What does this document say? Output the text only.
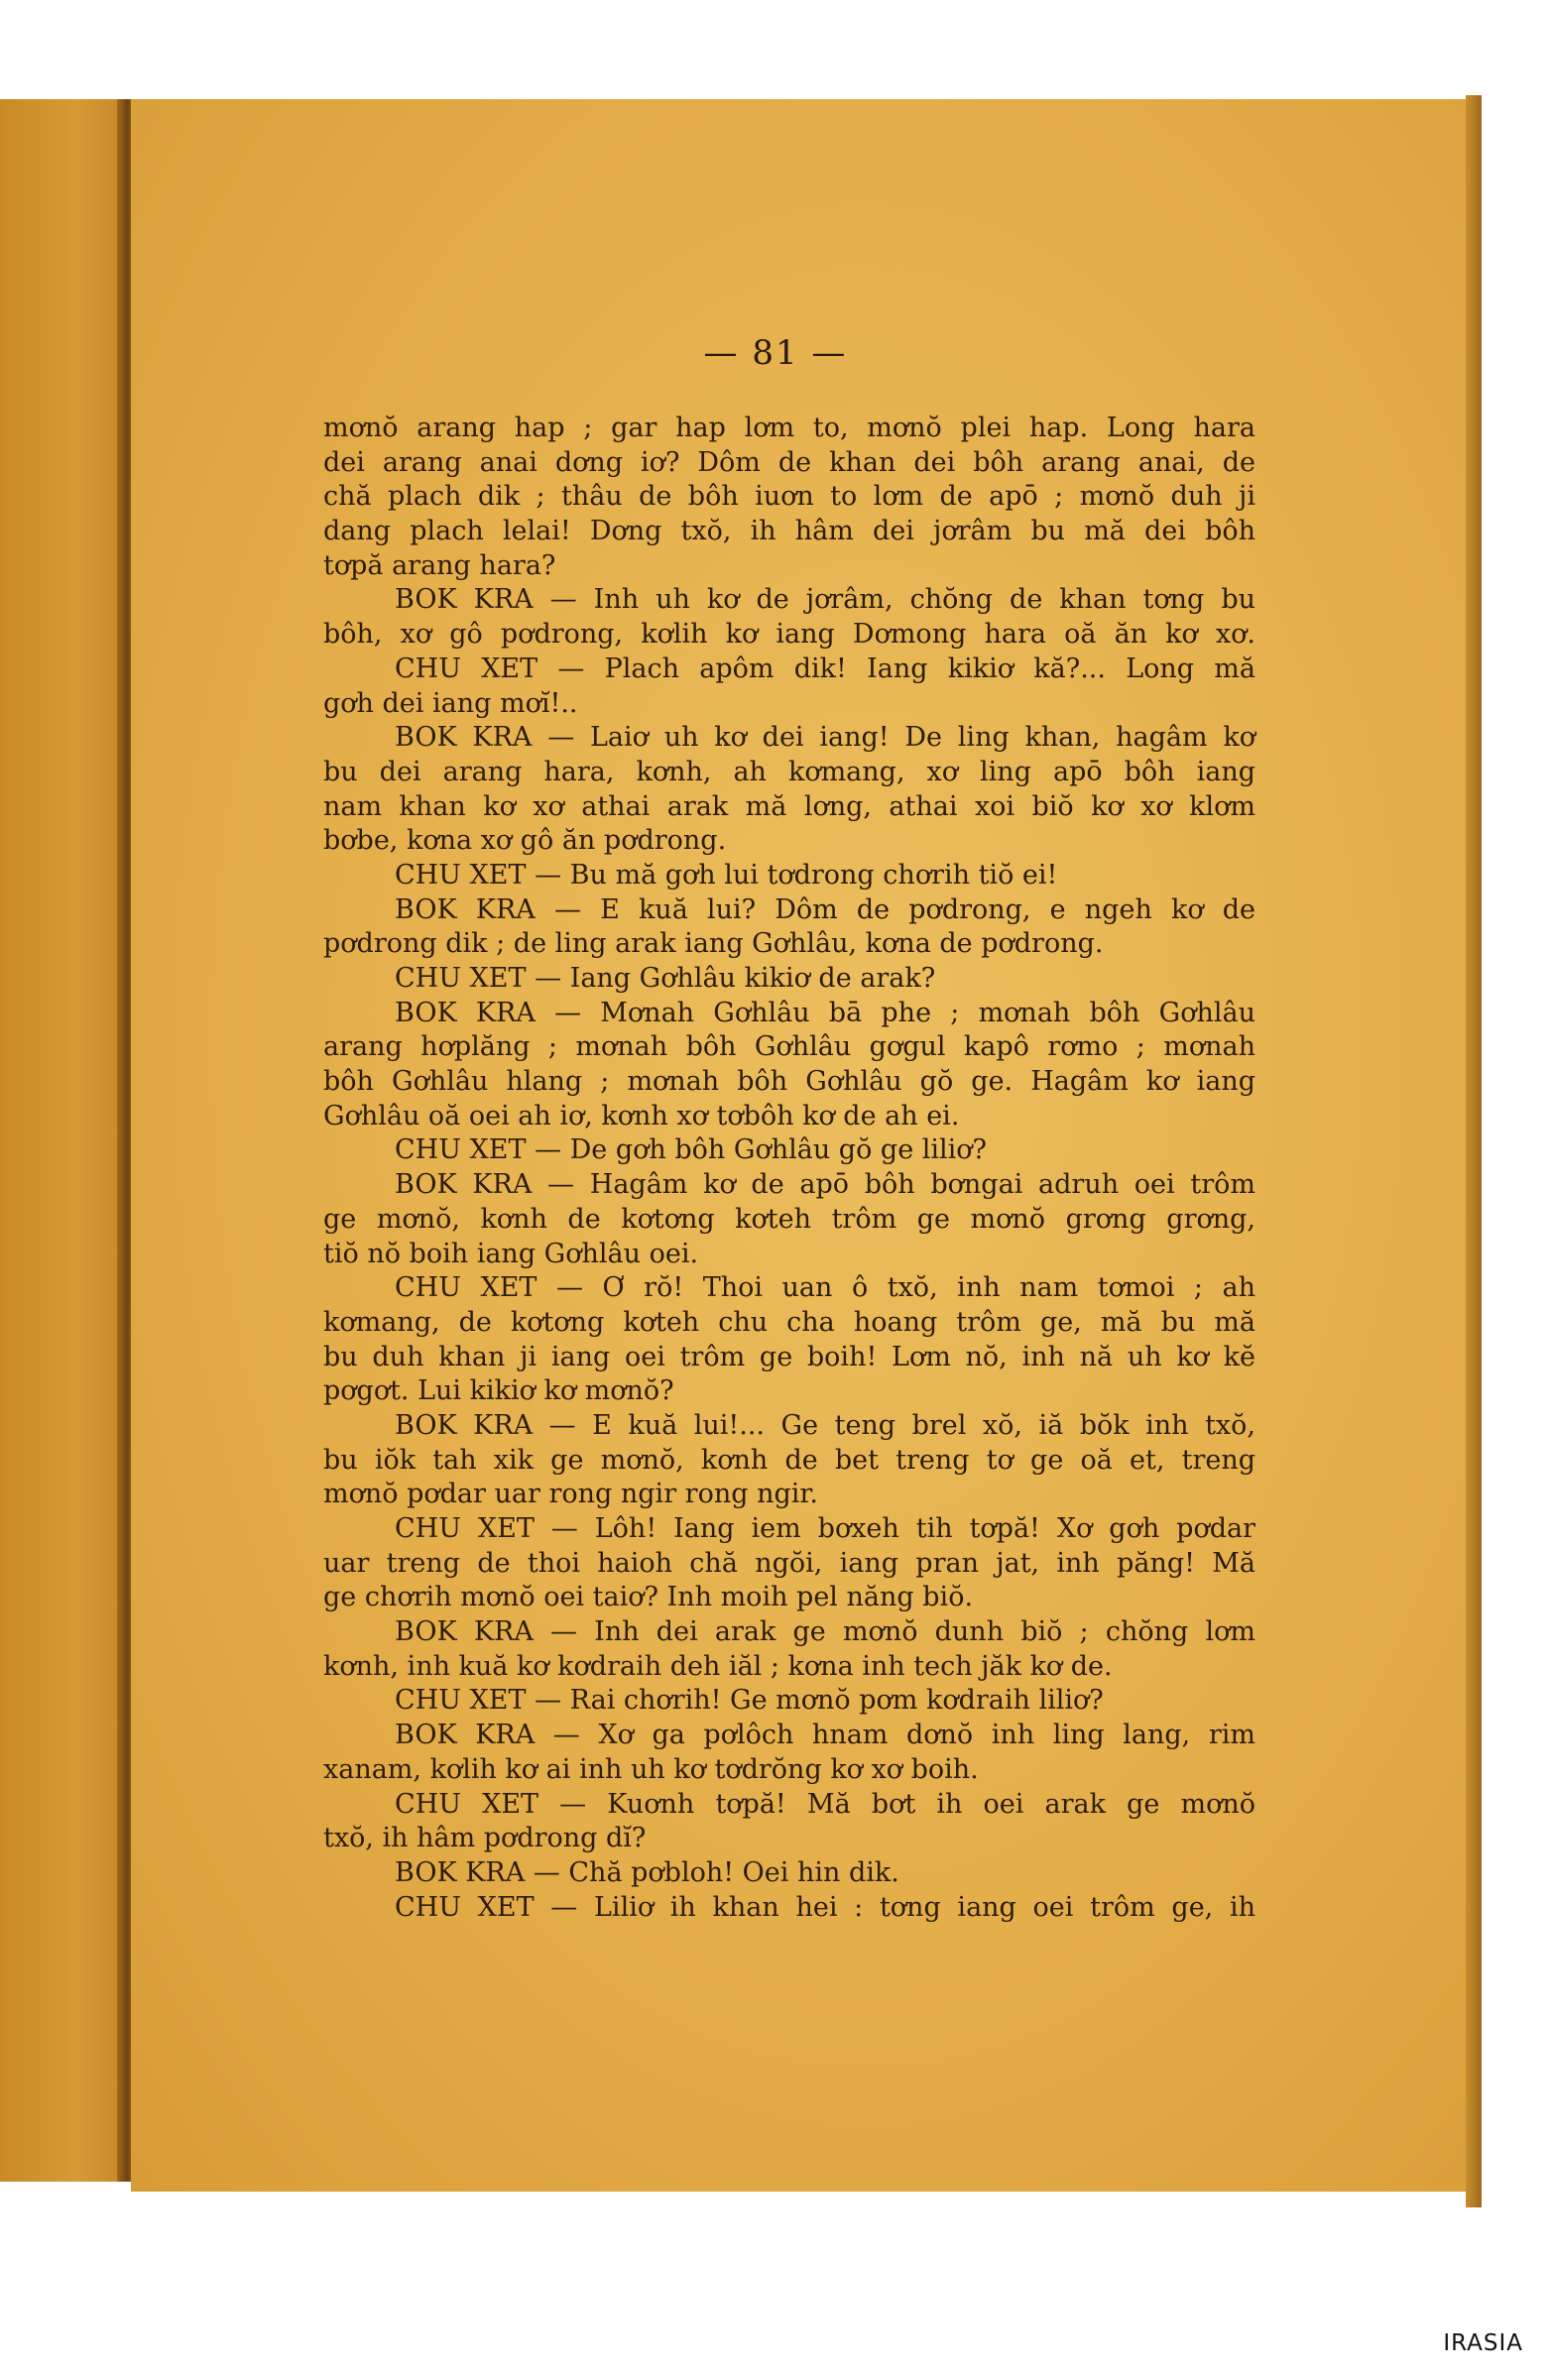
— 81 —
mơnŏ arang hap ; gar hap lơm to, mơnŏ plei hap. Long hara
dei arang anai dơng iơ? Dôm de khan dei bôh arang anai, de
chă plach dik ; thâu de bôh iuơn to lơm de apō ; mơnŏ duh ji
dang plach lelai! Dơng txŏ, ih hâm dei jơrâm bu mă dei bôh
tơpă arang hara?
BOK KRA — Inh uh kơ de jơrâm, chŏng de khan tơng bu
bôh, xơ gô pơdrong, kơlih kơ iang Dơmong hara oă ăn kơ xơ.
CHU XET — Plach apôm dik! Iang kikiơ kă?... Long mă
gơh dei iang mơĭ!..
BOK KRA — Laiơ uh kơ dei iang! De ling khan, hagâm kơ
bu dei arang hara, kơnh, ah kơmang, xơ ling apō bôh iang
nam khan kơ xơ athai arak mă lơng, athai xoi biŏ kơ xơ klơm
bơbe, kơna xơ gô ăn pơdrong.
CHU XET — Bu mă gơh lui tơdrong chơrih tiŏ ei!
BOK KRA — E kuă lui? Dôm de pơdrong, e ngeh kơ de
pơdrong dik ; de ling arak iang Gơhlâu, kơna de pơdrong.
CHU XET — Iang Gơhlâu kikiơ de arak?
BOK KRA — Mơnah Gơhlâu bā phe ; mơnah bôh Gơhlâu
arang hơplăng ; mơnah bôh Gơhlâu gơgul kapô rơmo ; mơnah
bôh Gơhlâu hlang ; mơnah bôh Gơhlâu gŏ ge. Hagâm kơ iang
Gơhlâu oă oei ah iơ, kơnh xơ tơbôh kơ de ah ei.
CHU XET — De gơh bôh Gơhlâu gŏ ge liliơ?
BOK KRA — Hagâm kơ de apō bôh bơngai adruh oei trôm
ge mơnŏ, kơnh de kơtơng kơteh trôm ge mơnŏ grơng grơng,
tiŏ nŏ boih iang Gơhlâu oei.
CHU XET — Ơ rŏ! Thoi uan ô txŏ, inh nam tơmoi ; ah
kơmang, de kơtơng kơteh chu cha hoang trôm ge, mă bu mă
bu duh khan ji iang oei trôm ge boih! Lơm nŏ, inh nă uh kơ kĕ
pơgơt. Lui kikiơ kơ mơnŏ?
BOK KRA — E kuă lui!... Ge teng brel xŏ, iă bŏk inh txŏ,
bu iŏk tah xik ge mơnŏ, kơnh de bet treng tơ ge oă et, treng
mơnŏ pơdar uar rong ngir rong ngir.
CHU XET — Lôh! Iang iem bơxeh tih tơpă! Xơ gơh pơdar
uar treng de thoi haioh chă ngŏi, iang pran jat, inh păng! Mă
ge chơrih mơnŏ oei taiơ? Inh moih pel năng biŏ.
BOK KRA — Inh dei arak ge mơnŏ dunh biŏ ; chŏng lơm
kơnh, inh kuă kơ kơdraih deh iăl ; kơna inh tech jăk kơ de.
CHU XET — Rai chơrih! Ge mơnŏ pơm kơdraih liliơ?
BOK KRA — Xơ ga pơlôch hnam dơnŏ inh ling lang, rim
xanam, kơlih kơ ai inh uh kơ tơdrŏng kơ xơ boih.
CHU XET — Kuơnh tơpă! Mă bơt ih oei arak ge mơnŏ
txŏ, ih hâm pơdrong dĭ?
BOK KRA — Chă pơbloh! Oei hin dik.
CHU XET — Liliơ ih khan hei : tơng iang oei trôm ge, ih
IRASIA
